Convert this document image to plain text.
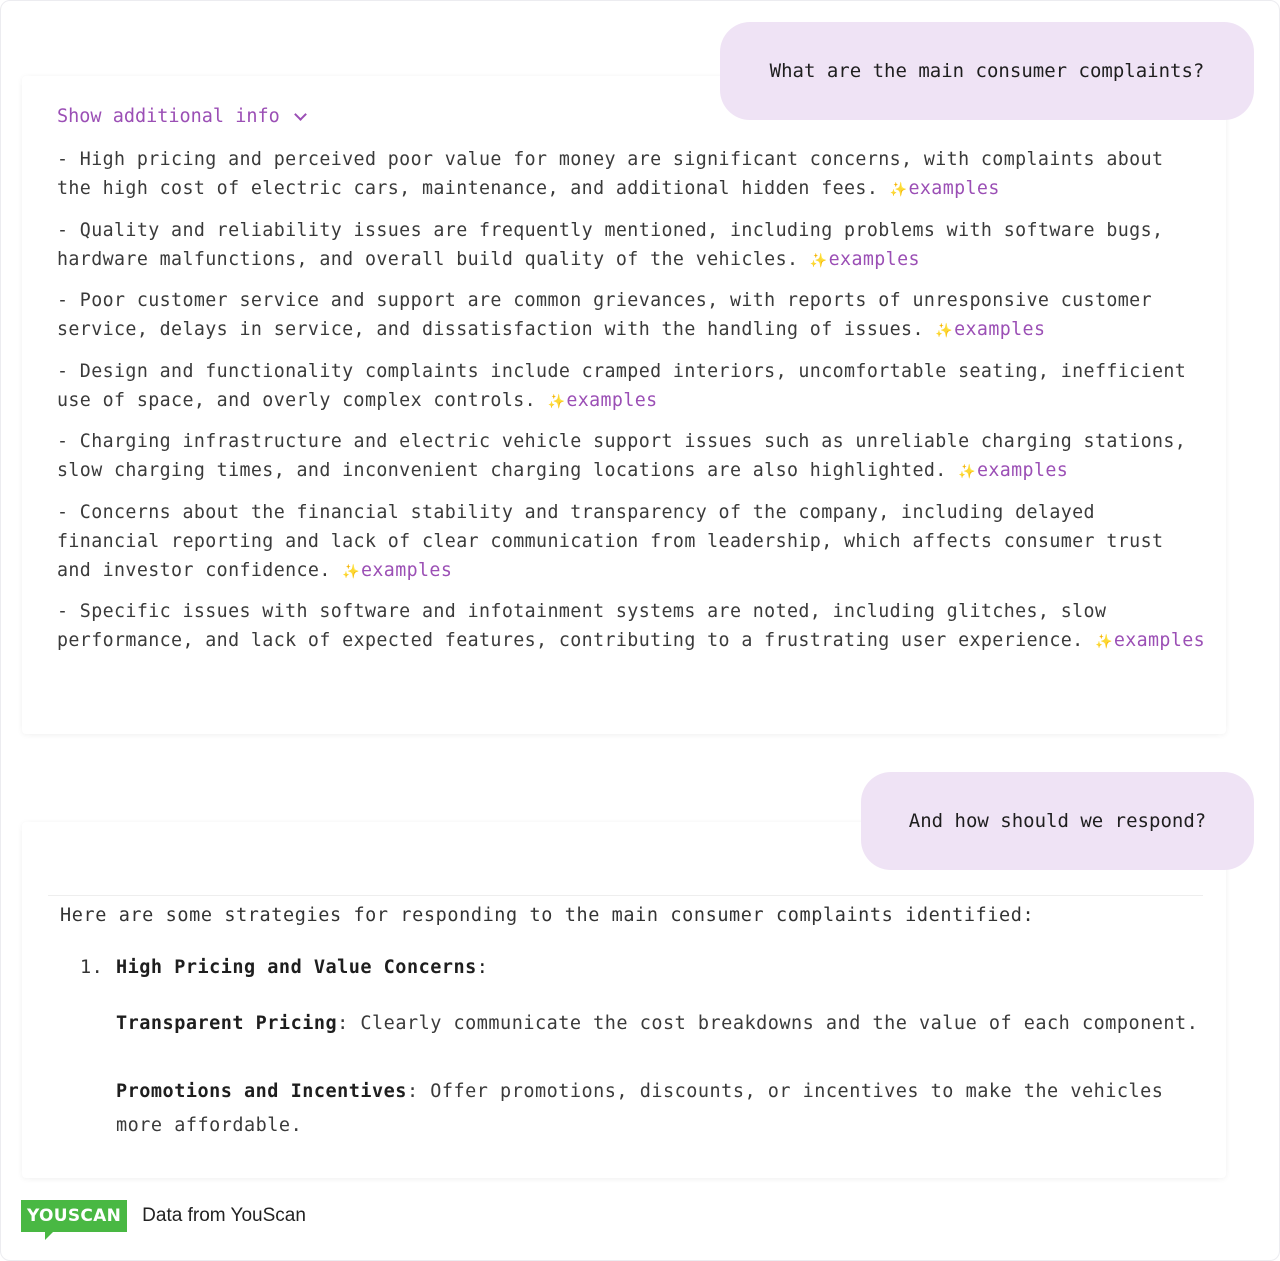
What are the main consumer complaints?
Show additional info
- High pricing and perceived poor value for money are significant concerns, with complaints about the high cost of electric cars, maintenance, and additional hidden fees. ✨examples
- Quality and reliability issues are frequently mentioned, including problems with software bugs, hardware malfunctions, and overall build quality of the vehicles. ✨examples
- Poor customer service and support are common grievances, with reports of unresponsive customer service, delays in service, and dissatisfaction with the handling of issues. ✨examples
- Design and functionality complaints include cramped interiors, uncomfortable seating, inefficient use of space, and overly complex controls. ✨examples
- Charging infrastructure and electric vehicle support issues such as unreliable charging stations, slow charging times, and inconvenient charging locations are also highlighted. ✨examples
- Concerns about the financial stability and transparency of the company, including delayed financial reporting and lack of clear communication from leadership, which affects consumer trust and investor confidence. ✨examples
- Specific issues with software and infotainment systems are noted, including glitches, slow performance, and lack of expected features, contributing to a frustrating user experience. ✨examples
And how should we respond?
Here are some strategies for responding to the main consumer complaints identified:
1. High Pricing and Value Concerns:
Transparent Pricing: Clearly communicate the cost breakdowns and the value of each component.
Promotions and Incentives: Offer promotions, discounts, or incentives to make the vehicles more affordable.
YOUSCAN	Data from YouScan
